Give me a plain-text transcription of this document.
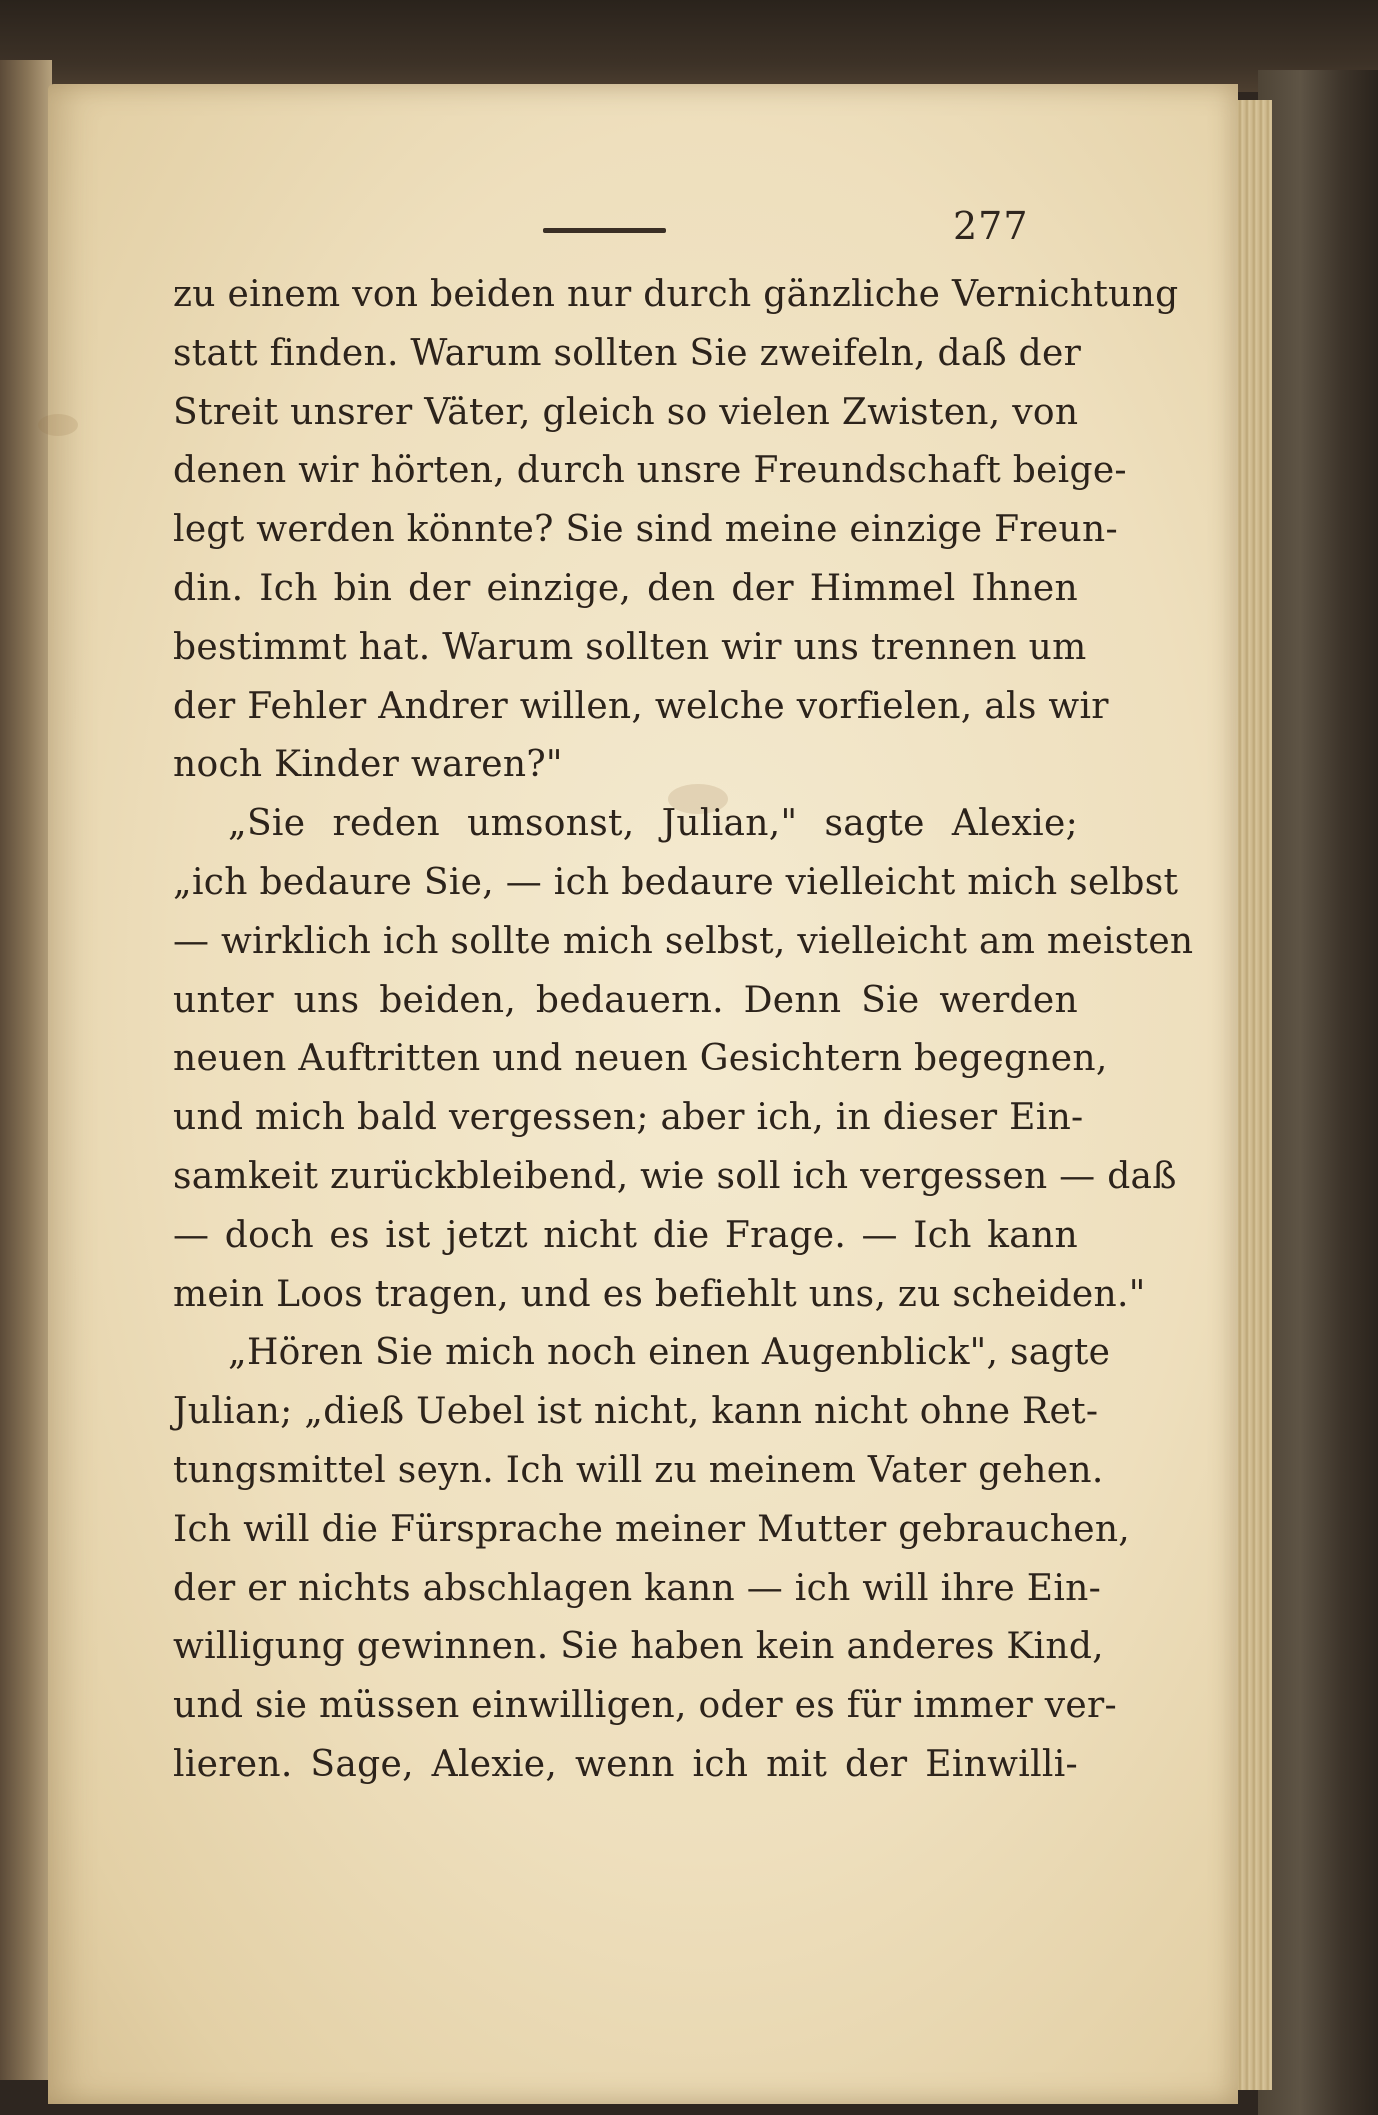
277
zu einem von beiden nur durch gänzliche Vernichtung
statt finden. Warum sollten Sie zweifeln, daß der
Streit unsrer Väter, gleich so vielen Zwisten, von
denen wir hörten, durch unsre Freundschaft beige-
legt werden könnte? Sie sind meine einzige Freun-
din. Ich bin der einzige, den der Himmel Ihnen
bestimmt hat. Warum sollten wir uns trennen um
der Fehler Andrer willen, welche vorfielen, als wir
noch Kinder waren?"
„Sie reden umsonst, Julian," sagte Alexie;
„ich bedaure Sie, — ich bedaure vielleicht mich selbst
— wirklich ich sollte mich selbst, vielleicht am meisten
unter uns beiden, bedauern. Denn Sie werden
neuen Auftritten und neuen Gesichtern begegnen,
und mich bald vergessen; aber ich, in dieser Ein-
samkeit zurückbleibend, wie soll ich vergessen — daß
— doch es ist jetzt nicht die Frage. — Ich kann
mein Loos tragen, und es befiehlt uns, zu scheiden."
„Hören Sie mich noch einen Augenblick", sagte
Julian; „dieß Uebel ist nicht, kann nicht ohne Ret-
tungsmittel seyn. Ich will zu meinem Vater gehen.
Ich will die Fürsprache meiner Mutter gebrauchen,
der er nichts abschlagen kann — ich will ihre Ein-
willigung gewinnen. Sie haben kein anderes Kind,
und sie müssen einwilligen, oder es für immer ver-
lieren. Sage, Alexie, wenn ich mit der Einwilli-
